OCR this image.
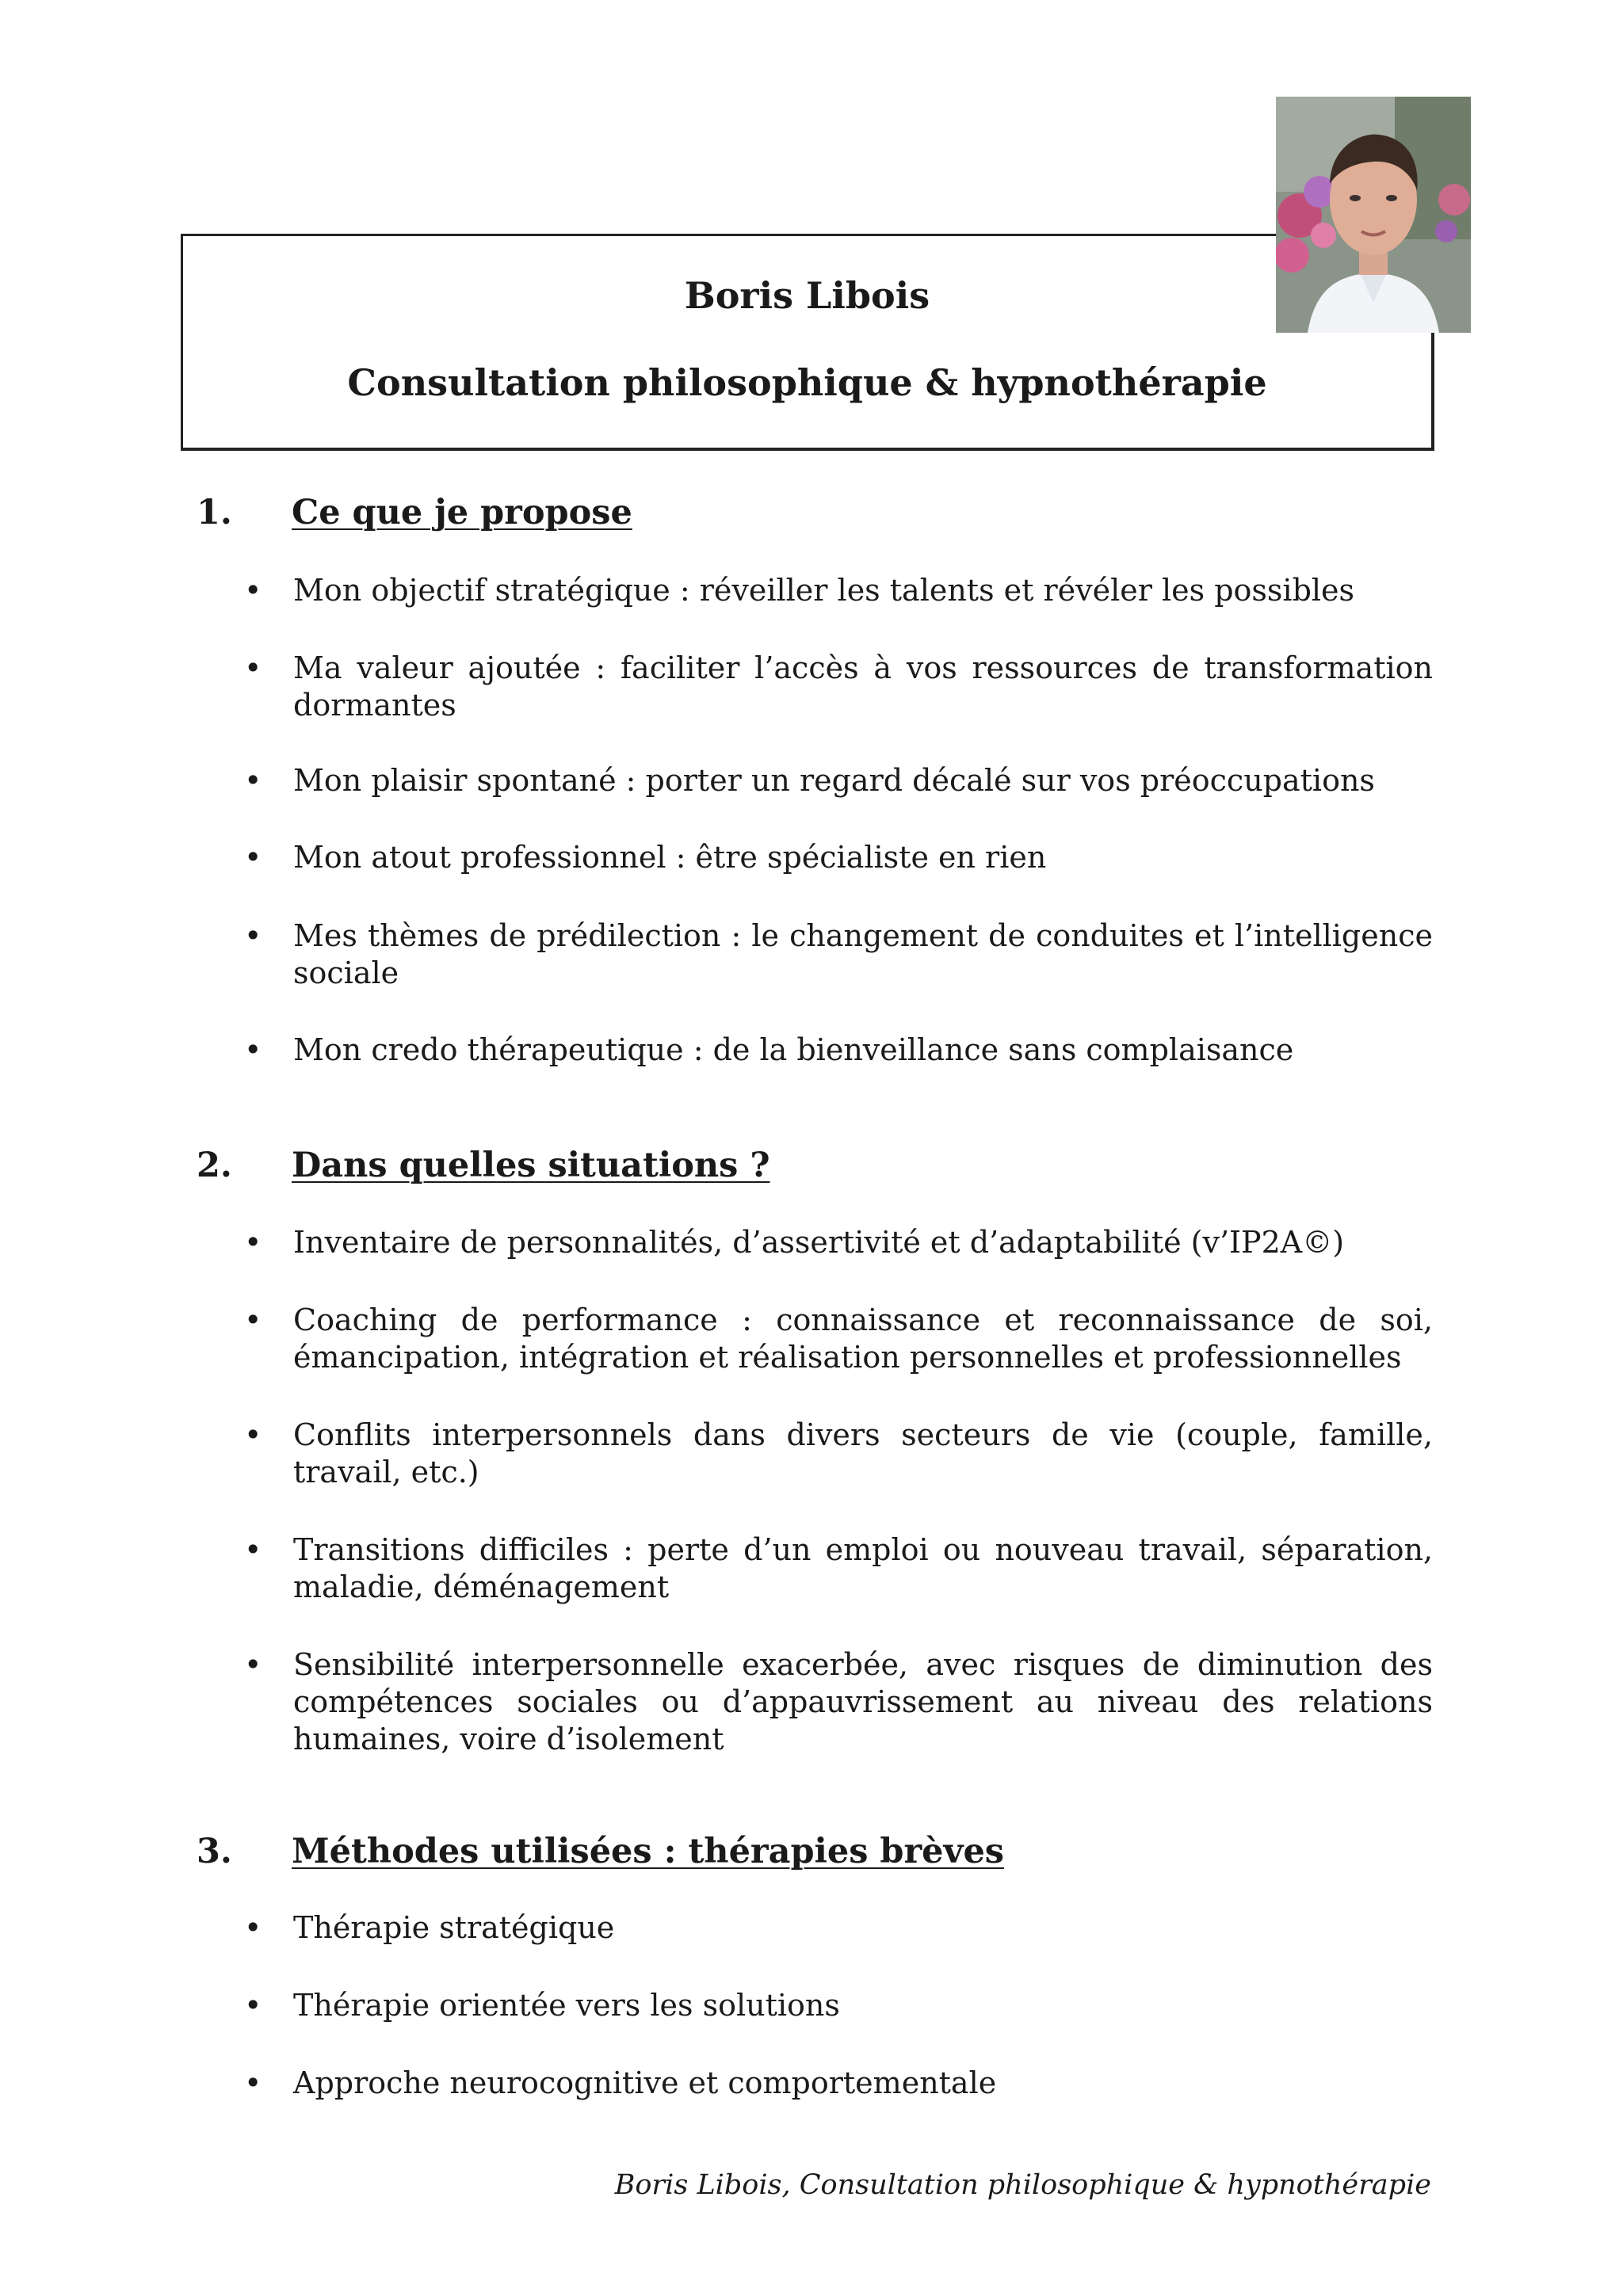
Boris Libois
Consultation philosophique & hypnothérapie
1. Ce que je propose
• Mon objectif stratégique : réveiller les talents et révéler les possibles
• Ma valeur ajoutée : faciliter l’accès à vos ressources de transformation dormantes
• Mon plaisir spontané : porter un regard décalé sur vos préoccupations
• Mon atout professionnel : être spécialiste en rien
• Mes thèmes de prédilection : le changement de conduites et l’intelligence sociale
• Mon credo thérapeutique : de la bienveillance sans complaisance
2. Dans quelles situations ?
• Inventaire de personnalités, d’assertivité et d’adaptabilité (v’IP2A©)
• Coaching de performance : connaissance et reconnaissance de soi, émancipation, intégration et réalisation personnelles et professionnelles
• Conflits interpersonnels dans divers secteurs de vie (couple, famille, travail, etc.)
• Transitions difficiles : perte d’un emploi ou nouveau travail, séparation, maladie, déménagement
• Sensibilité interpersonnelle exacerbée, avec risques de diminution des compétences sociales ou d’appauvrissement au niveau des relations humaines, voire d’isolement
3. Méthodes utilisées : thérapies brèves
• Thérapie stratégique
• Thérapie orientée vers les solutions
• Approche neurocognitive et comportementale
Boris Libois, Consultation philosophique & hypnothérapie
